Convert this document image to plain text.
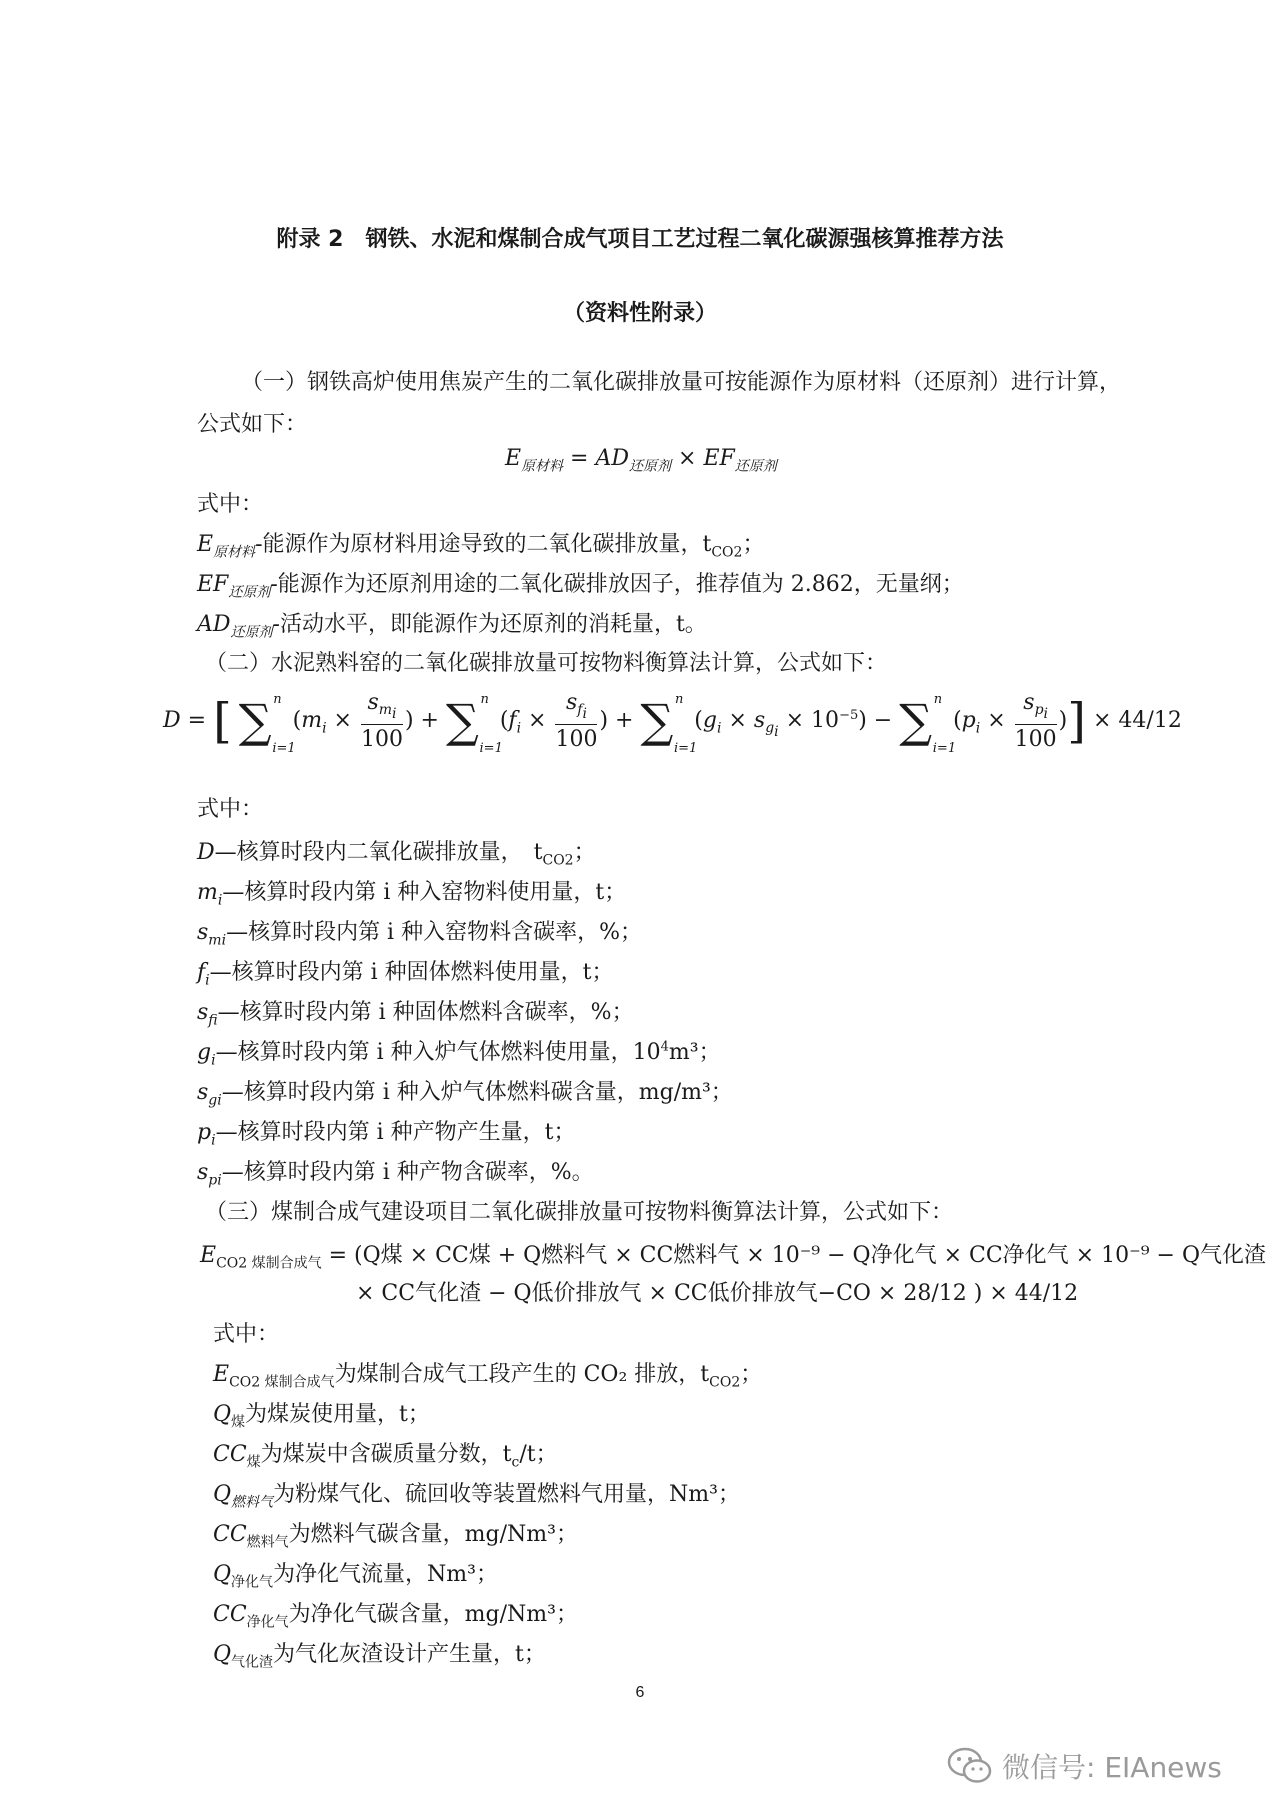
附录 2　钢铁、水泥和煤制合成气项目工艺过程二氧化碳源强核算推荐方法
（资料性附录）
（一）钢铁高炉使用焦炭产生的二氧化碳排放量可按能源作为原材料（还原剂）进行计算，公式如下：
$E_{原材料} = AD_{还原剂} \times EF_{还原剂}$
式中：
$E_{原材料}-$能源作为原材料用途导致的二氧化碳排放量，$t_{CO2}$；
$EF_{还原剂}-$能源作为还原剂用途的二氧化碳排放因子，推荐值为 2.862，无量纲；
$AD_{还原剂}-$活动水平，即能源作为还原剂的消耗量，t。
（二）水泥熟料窑的二氧化碳排放量可按物料衡算法计算，公式如下：
D = [ ∑ n
i=1
($m_i \times \frac{s_{m_i}}{100}$ ) + ∑ n
i=1
($f_i \times \frac{s_{f_i}}{100}$ ) + ∑ n
i=1
$(g_i \times s_{g_i} \times 10^{-5})$ − ∑ n
i=1
($p_i \times \frac{s_{p_i}}{100}$ )] × 44/12
式中：
D—核算时段内二氧化碳排放量，　$t_{CO2}$；
$m_i—$核算时段内第 i 种入窑物料使用量，t；
$s_{mi}—$核算时段内第 i 种入窑物料含碳率，%；
$f_i—$核算时段内第 i 种固体燃料使用量，t；
$s_{fi}—$核算时段内第 i 种固体燃料含碳率，%；
$g_i—$核算时段内第 i 种入炉气体燃料使用量，$10^4m^3$；
$s_{gi}—$核算时段内第 i 种入炉气体燃料碳含量，mg/m³；
$p_i—$核算时段内第 i 种产物产生量，t；
$s_{pi}—$核算时段内第 i 种产物含碳率，%。
（三）煤制合成气建设项目二氧化碳排放量可按物料衡算法计算，公式如下：
$E_{CO2 煤制合成气} = (Q$煤 × CC煤 + Q燃料气 × CC燃料气 × 10⁻⁹ − Q净化气 × CC净化气 × 10⁻⁹ − Q气化渣
× CC气化渣 − Q低价排放气 × CC低价排放气−CO × 28/12 ) × 44/12
式中：
$E_{CO2 煤制合成气}$为煤制合成气工段产生的 CO₂ 排放，$t_{CO2}$；
$Q_煤$为煤炭使用量，t；
$CC_煤$为煤炭中含碳质量分数，$t_c/t$；
$Q_{燃料气}$为粉煤气化、硫回收等装置燃料气用量，Nm³；
$CC_{燃料气}$为燃料气碳含量，mg/Nm³；
$Q_{净化气}$为净化气流量，Nm³；
$CC_{净化气}$为净化气碳含量，mg/Nm³；
$Q_{气化渣}$为气化灰渣设计产生量，t；
6
微信号: EIAnews
